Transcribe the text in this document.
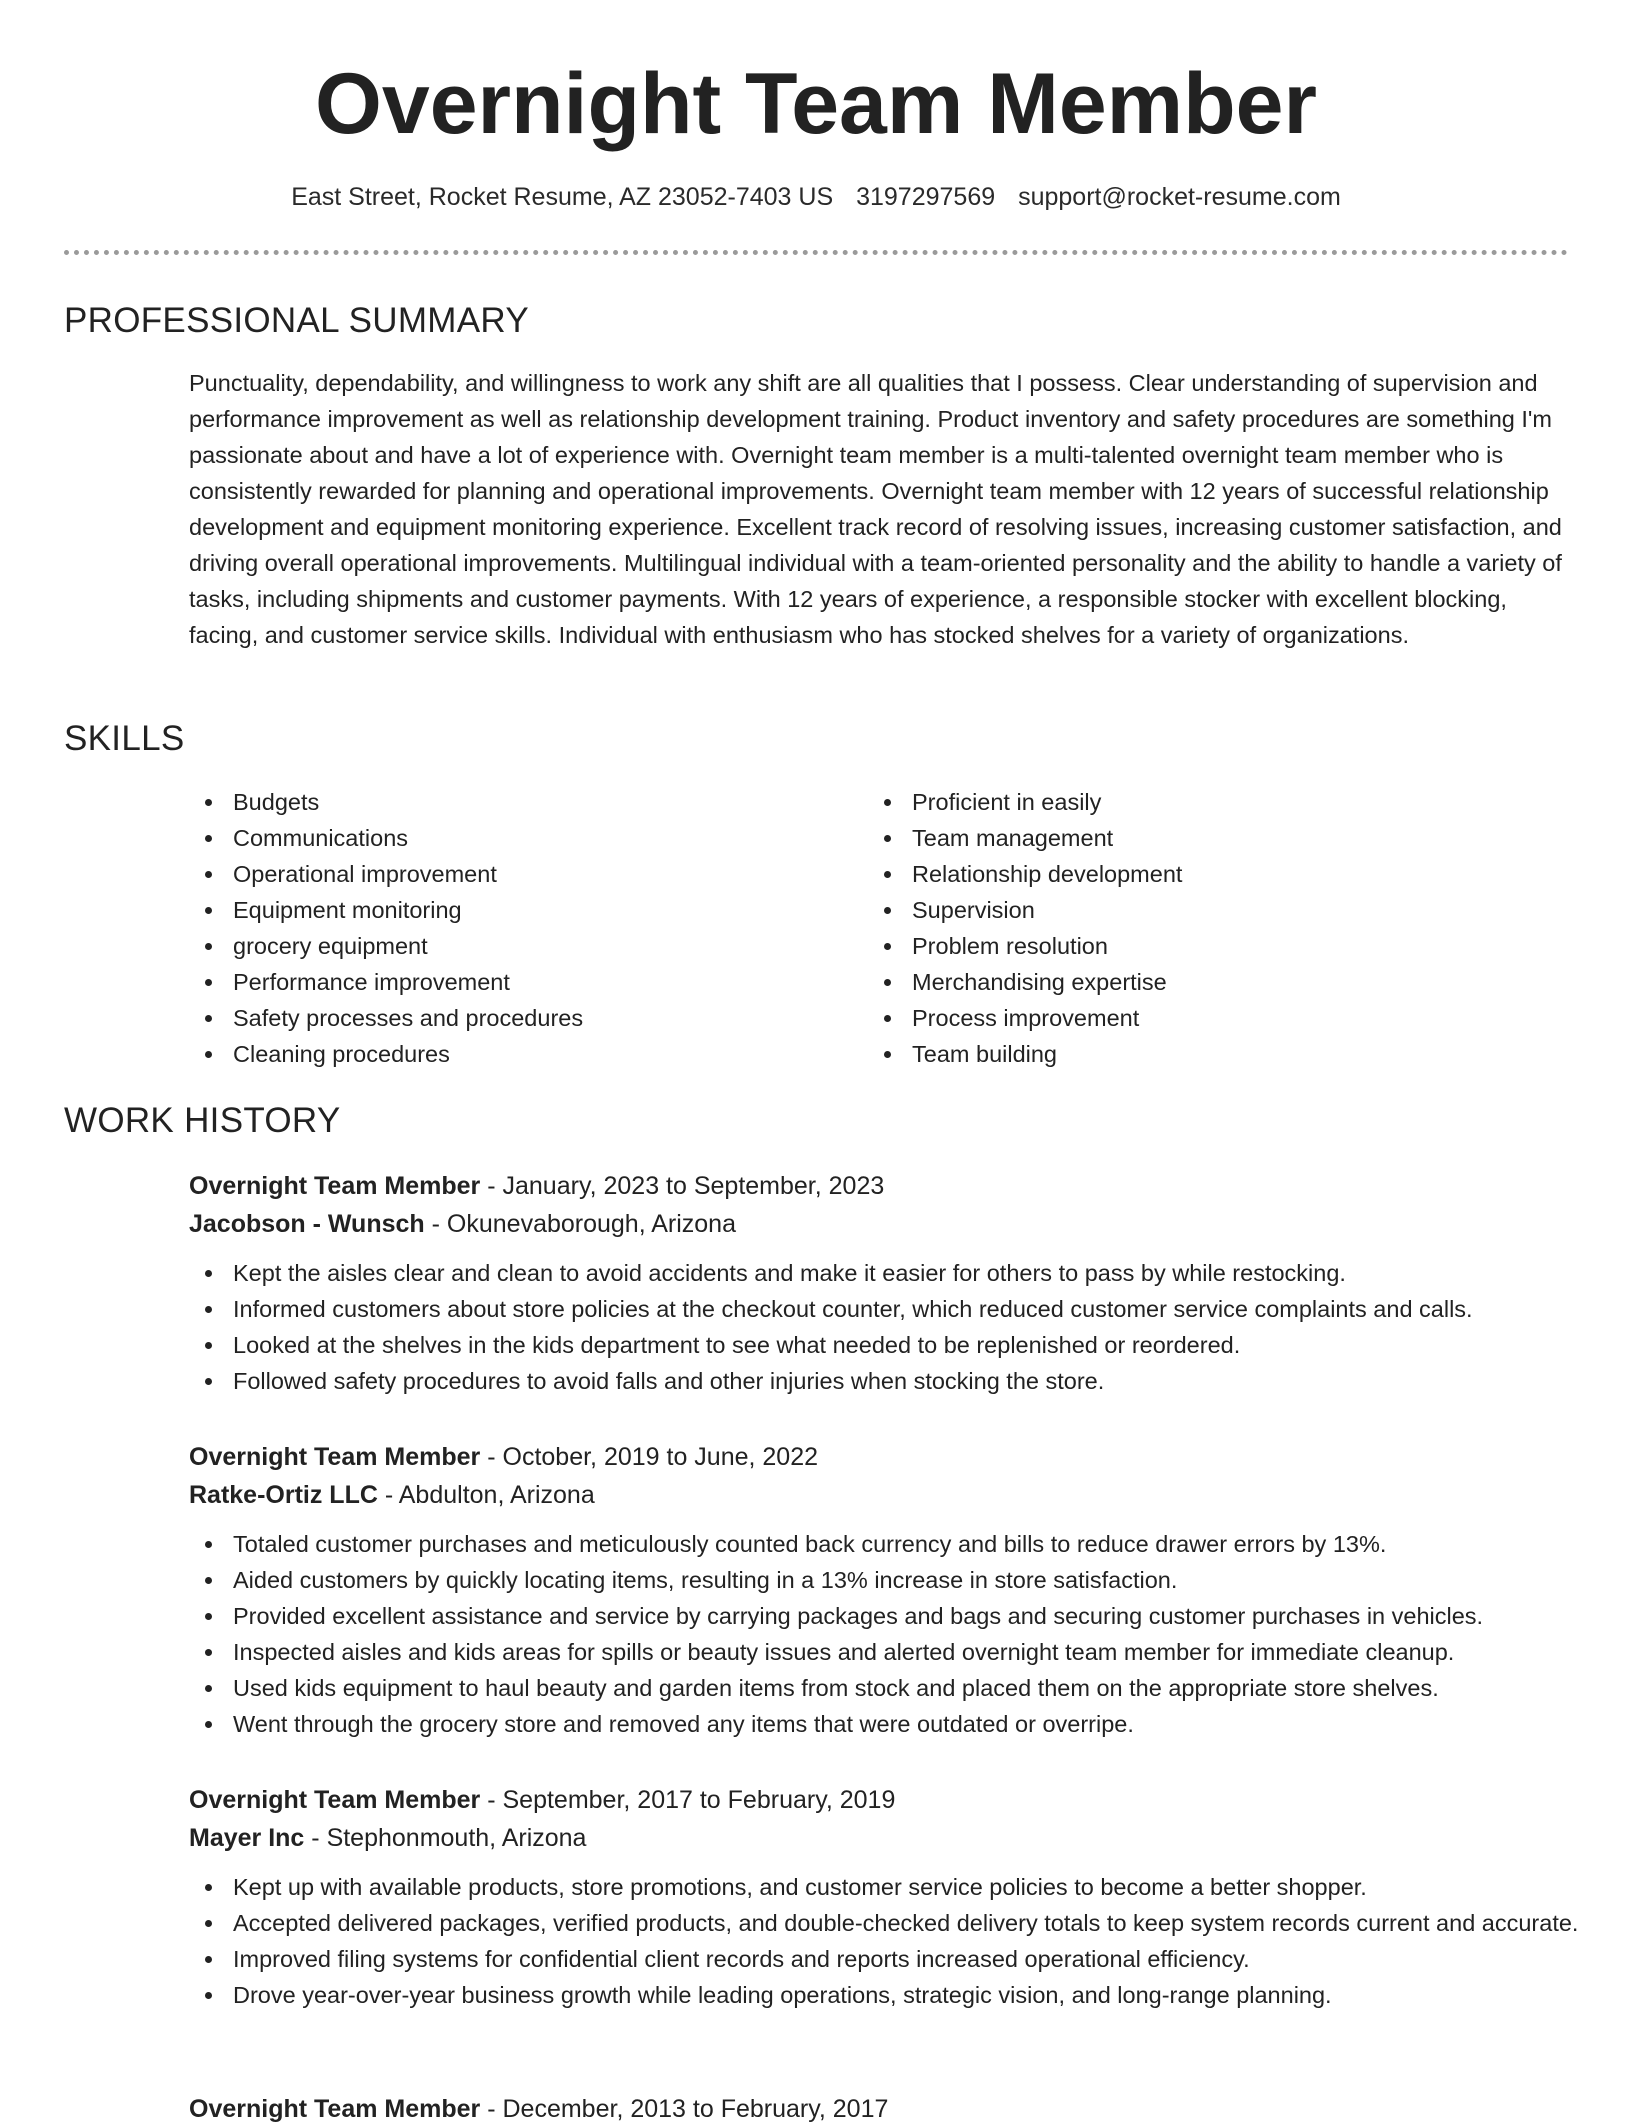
Overnight Team Member
East Street, Rocket Resume, AZ 23052-7403 US 3197297569 support@rocket-resume.com
PROFESSIONAL SUMMARY

Punctuality, dependability, and willingness to work any shift are all qualities that I possess. Clear understanding of supervision and performance improvement as well as relationship development training. Product inventory and safety procedures are something I'm passionate about and have a lot of experience with. Overnight team member is a multi-talented overnight team member who is consistently rewarded for planning and operational improvements. Overnight team member with 12 years of successful relationship development and equipment monitoring experience. Excellent track record of resolving issues, increasing customer satisfaction, and driving overall operational improvements. Multilingual individual with a team-oriented personality and the ability to handle a variety of tasks, including shipments and customer payments. With 12 years of experience, a responsible stocker with excellent blocking, facing, and customer service skills. Individual with enthusiasm who has stocked shelves for a variety of organizations.

SKILLS
Budgets
Communications
Operational improvement
Equipment monitoring
grocery equipment
Performance improvement
Safety processes and procedures
Cleaning procedures
Proficient in easily
Team management
Relationship development
Supervision
Problem resolution
Merchandising expertise
Process improvement
Team building
WORK HISTORY
Overnight Team Member - January, 2023 to September, 2023
Jacobson - Wunsch - Okunevaborough, Arizona
Kept the aisles clear and clean to avoid accidents and make it easier for others to pass by while restocking.
Informed customers about store policies at the checkout counter, which reduced customer service complaints and calls.
Looked at the shelves in the kids department to see what needed to be replenished or reordered.
Followed safety procedures to avoid falls and other injuries when stocking the store.
Overnight Team Member - October, 2019 to June, 2022
Ratke-Ortiz LLC - Abdulton, Arizona
Totaled customer purchases and meticulously counted back currency and bills to reduce drawer errors by 13%.
Aided customers by quickly locating items, resulting in a 13% increase in store satisfaction.
Provided excellent assistance and service by carrying packages and bags and securing customer purchases in vehicles.
Inspected aisles and kids areas for spills or beauty issues and alerted overnight team member for immediate cleanup.
Used kids equipment to haul beauty and garden items from stock and placed them on the appropriate store shelves.
Went through the grocery store and removed any items that were outdated or overripe.
Overnight Team Member - September, 2017 to February, 2019
Mayer Inc - Stephonmouth, Arizona
Kept up with available products, store promotions, and customer service policies to become a better shopper.
Accepted delivered packages, verified products, and double-checked delivery totals to keep system records current and accurate.
Improved filing systems for confidential client records and reports increased operational efficiency.
Drove year-over-year business growth while leading operations, strategic vision, and long-range planning.
Overnight Team Member - December, 2013 to February, 2017
